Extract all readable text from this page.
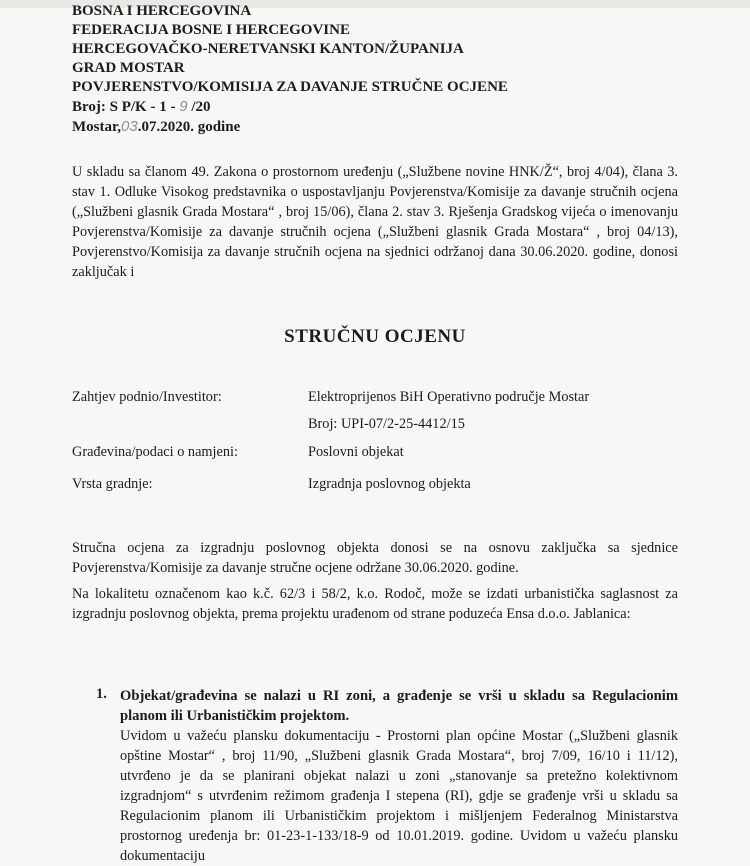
BOSNA I HERCEGOVINA
FEDERACIJA BOSNE I HERCEGOVINE
HERCEGOVAČKO-NERETVANSKI KANTON/ŽUPANIJA
GRAD MOSTAR
POVJERENSTVO/KOMISIJA ZA DAVANJE STRUČNE OCJENE
Broj: S P/K - 1 - 9 /20
Mostar,03.07.2020. godine
U skladu sa članom 49. Zakona o prostornom uređenju („Službene novine HNK/Ž“, broj 4/04), člana 3. stav 1. Odluke Visokog predstavnika o uspostavljanju Povjerenstva/Komisije za davanje stručnih ocjena („Službeni glasnik Grada Mostara“ , broj 15/06), člana 2. stav 3. Rješenja Gradskog vijeća o imenovanju Povjerenstva/Komisije za davanje stručnih ocjena („Službeni glasnik Grada Mostara“ , broj 04/13), Povjerenstvo/Komisija za davanje stručnih ocjena na sjednici održanoj dana 30.06.2020. godine, donosi zaključak i
STRUČNU OCJENU
Zahtjev podnio/Investitor:	Elektroprijenos BiH Operativno područje Mostar
Broj: UPI-07/2-25-4412/15
Građevina/podaci o namjeni:	Poslovni objekat
Vrsta gradnje:	Izgradnja poslovnog objekta
Stručna ocjena za izgradnju poslovnog objekta donosi se na osnovu zaključka sa sjednice Povjerenstva/Komisije za davanje stručne ocjene održane 30.06.2020. godine.
Na lokalitetu označenom kao k.č. 62/3 i 58/2, k.o. Rodoč, može se izdati urbanistička saglasnost za izgradnju poslovnog objekta, prema projektu urađenom od strane poduzeća Ensa d.o.o. Jablanica:
1. Objekat/građevina se nalazi u RI zoni, a građenje se vrši u skladu sa Regulacionim planom ili Urbanističkim projektom.
Uvidom u važeću plansku dokumentaciju - Prostorni plan općine Mostar („Službeni glasnik opštine Mostar“ , broj 11/90, „Službeni glasnik Grada Mostara“, broj 7/09, 16/10 i 11/12), utvrđeno je da se planirani objekat nalazi u zoni „stanovanje sa pretežno kolektivnom izgradnjom“ s utvrđenim režimom građenja I stepena (RI), gdje se građenje vrši u skladu sa Regulacionim planom ili Urbanističkim projektom i mišljenjem Federalnog Ministarstva prostornog uređenja br: 01-23-1-133/18-9 od 10.01.2019. godine. Uvidom u važeću plansku dokumentaciju
